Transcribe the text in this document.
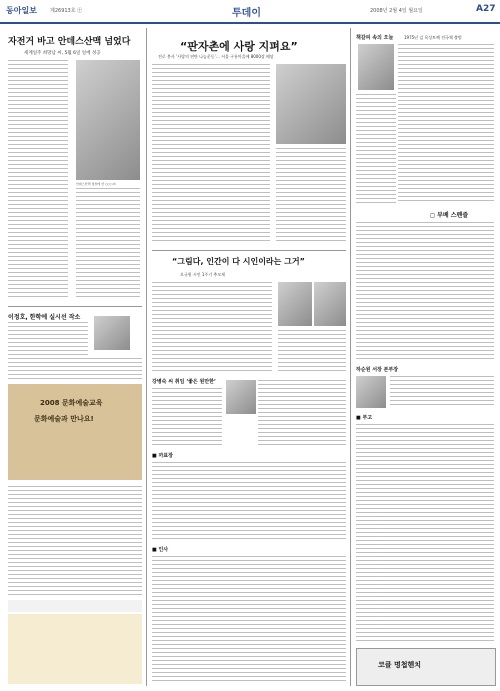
동아일보	제26913호 ㊉	투데이	2008년 2월 4일 월요일	A27
자전거 바고 안데스산맥 넘었다
세계일주 희망남 씨, 5월 6일 일에 성공
안데스산맥 정상에 선 ○○○씨
이정호, 한학에 실시선 작소
2008 문화예술교육
문화예술과 만나요!
“판자촌에 사랑 지펴요”
전로 봉사 ‘사랑의 연탄 나눔운동’… 서울 구룡마을에 8000장 배달
“그림다, 인간이 다 시인이라는 그거”
오규원 시인 1주기 추모제
강병숙 씨 취임 ‘좋은 원만한’
■ 까표장
■ 인사
책갈피 속의 오늘	1975년 김 육상트랙 전국체 출범
◻ 부베 스펜즐
하순원 서장 본부장
■ 부고
코클 명첩헨치
